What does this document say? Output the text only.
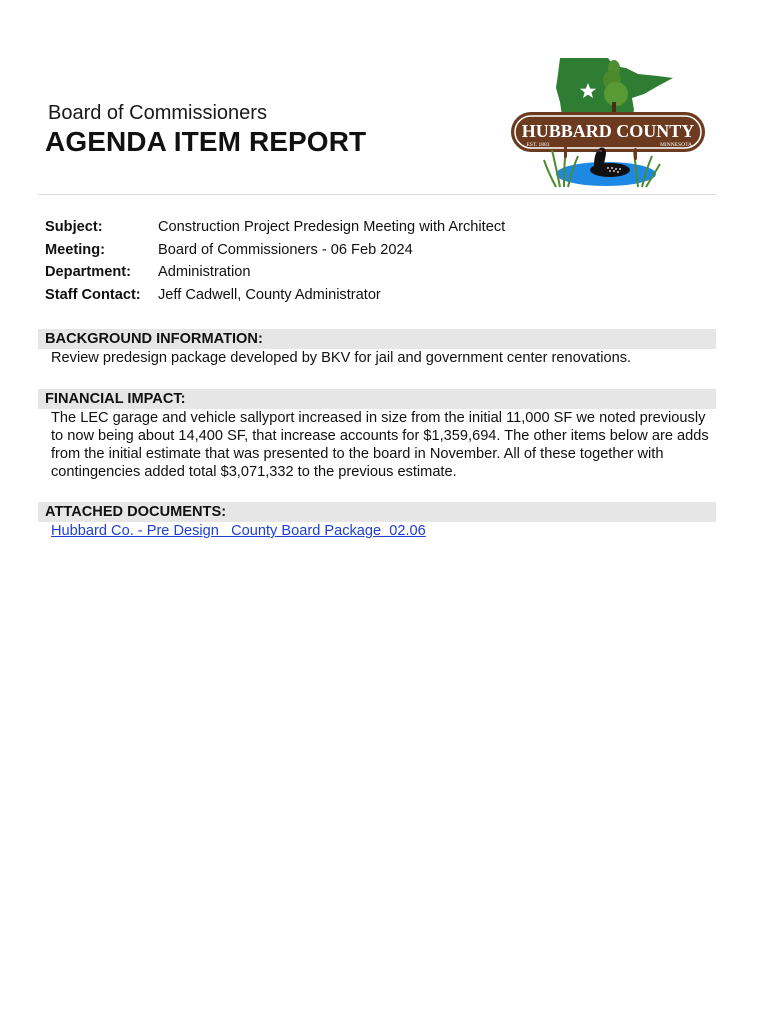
Board of Commissioners
AGENDA ITEM REPORT	HUBBARD COUNTY
EST. 1883	MINNESOTA
Subject:	Construction Project Predesign Meeting with Architect
Meeting:	Board of Commissioners - 06 Feb 2024
Department:	Administration
Staff Contact:	Jeff Cadwell, County Administrator
BACKGROUND INFORMATION:
Review predesign package developed by BKV for jail and government center renovations.
FINANCIAL IMPACT:
The LEC garage and vehicle sallyport increased in size from the initial 11,000 SF we noted previously to now being about 14,400 SF, that increase accounts for $1,359,694. The other items below are adds from the initial estimate that was presented to the board in November. All of these together with contingencies added total $3,071,332 to the previous estimate.
ATTACHED DOCUMENTS:
Hubbard Co. - Pre Design   County Board Package  02.06
